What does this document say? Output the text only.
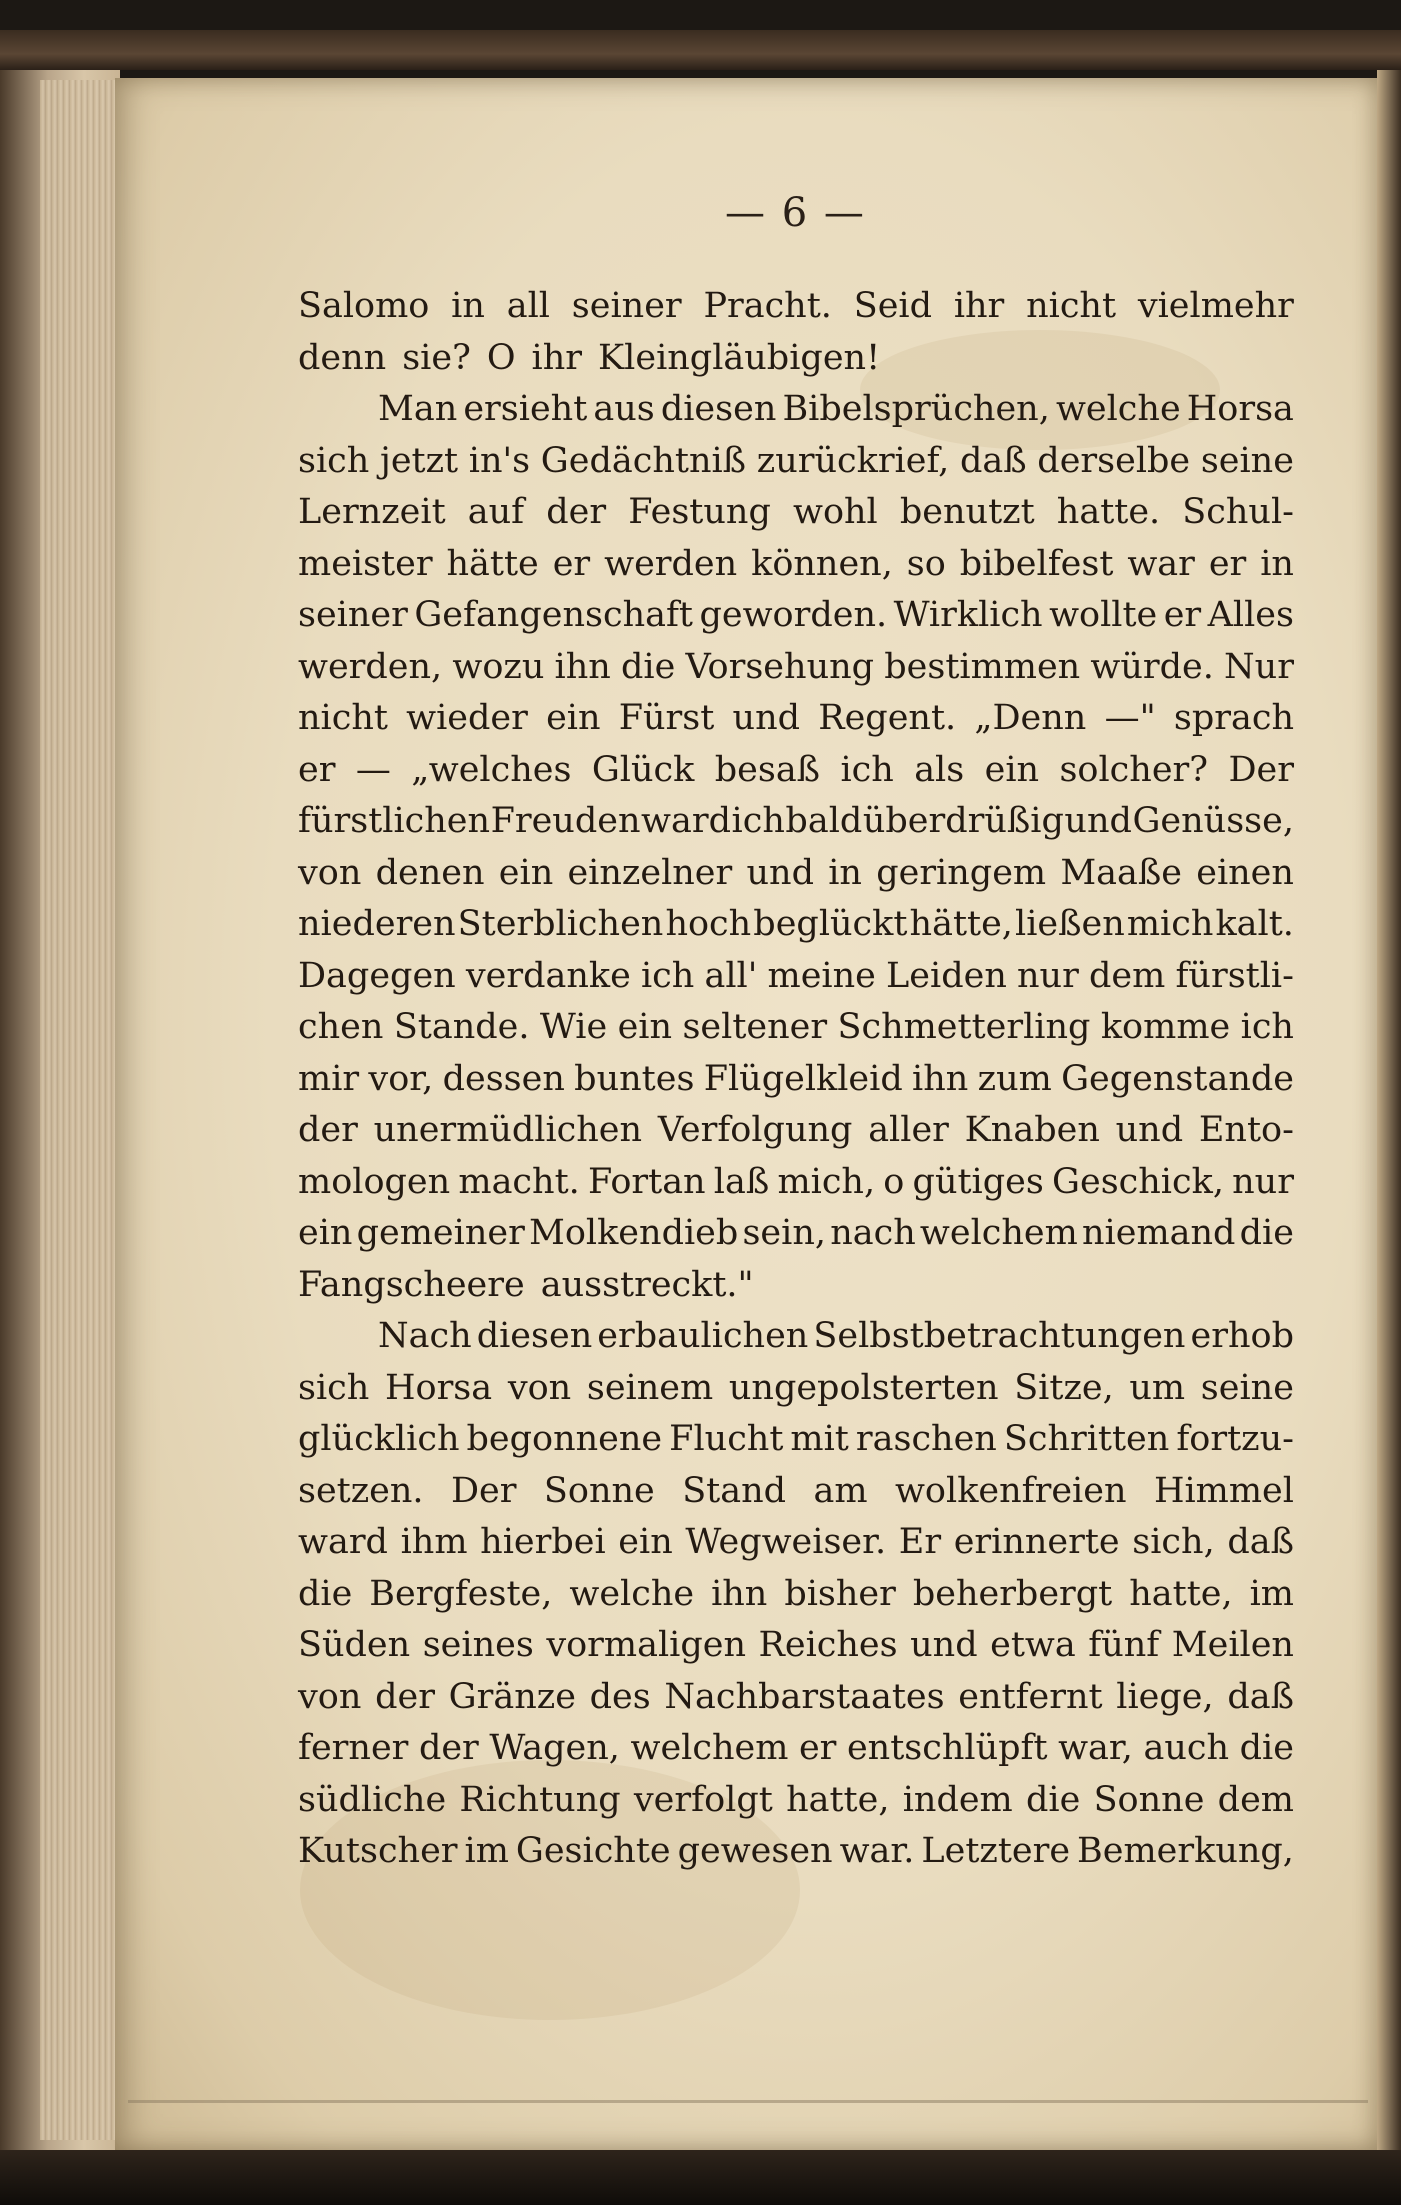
— 6 —
Salomo in all seiner Pracht. Seid ihr nicht vielmehr
denn sie? O ihr Kleingläubigen!
Man ersieht aus diesen Bibelsprüchen, welche Horsa
sich jetzt in's Gedächtniß zurückrief, daß derselbe seine
Lernzeit auf der Festung wohl benutzt hatte. Schul-
meister hätte er werden können, so bibelfest war er in
seiner Gefangenschaft geworden. Wirklich wollte er Alles
werden, wozu ihn die Vorsehung bestimmen würde. Nur
nicht wieder ein Fürst und Regent. „Denn —" sprach
er — „welches Glück besaß ich als ein solcher? Der
fürstlichen Freuden ward ich bald überdrüßig und Genüsse,
von denen ein einzelner und in geringem Maaße einen
niederen Sterblichen hoch beglückt hätte, ließen mich kalt.
Dagegen verdanke ich all' meine Leiden nur dem fürstli-
chen Stande. Wie ein seltener Schmetterling komme ich
mir vor, dessen buntes Flügelkleid ihn zum Gegenstande
der unermüdlichen Verfolgung aller Knaben und Ento-
mologen macht. Fortan laß mich, o gütiges Geschick, nur
ein gemeiner Molkendieb sein, nach welchem niemand die
Fangscheere ausstreckt."
Nach diesen erbaulichen Selbstbetrachtungen erhob
sich Horsa von seinem ungepolsterten Sitze, um seine
glücklich begonnene Flucht mit raschen Schritten fortzu-
setzen. Der Sonne Stand am wolkenfreien Himmel
ward ihm hierbei ein Wegweiser. Er erinnerte sich, daß
die Bergfeste, welche ihn bisher beherbergt hatte, im
Süden seines vormaligen Reiches und etwa fünf Meilen
von der Gränze des Nachbarstaates entfernt liege, daß
ferner der Wagen, welchem er entschlüpft war, auch die
südliche Richtung verfolgt hatte, indem die Sonne dem
Kutscher im Gesichte gewesen war. Letztere Bemerkung,
